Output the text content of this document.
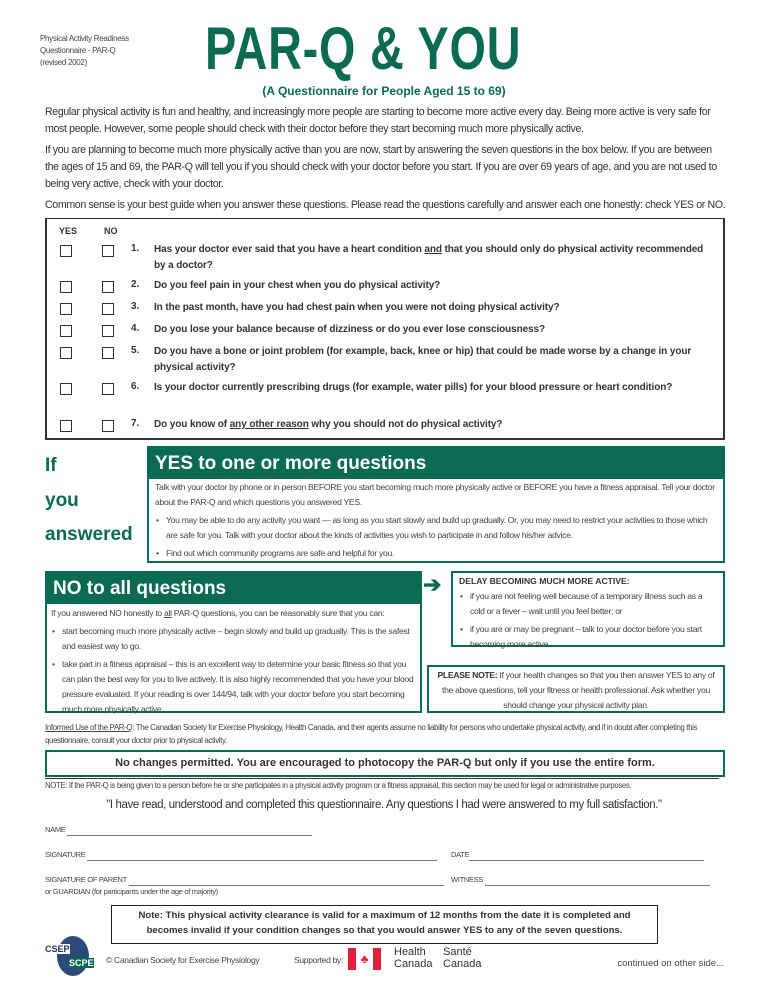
Physical Activity Readiness
Questionnaire - PAR-Q
(revised 2002)	PAR-Q & YOU
(A Questionnaire for People Aged 15 to 69)

Regular physical activity is fun and healthy, and increasingly more people are starting to become more active every day. Being more active is very safe for most people. However, some people should check with their doctor before they start becoming much more physically active.

If you are planning to become much more physically active than you are now, start by answering the seven questions in the box below. If you are between the ages of 15 and 69, the PAR-Q will tell you if you should check with your doctor before you start. If you are over 69 years of age, and you are not used to being very active, check with your doctor.

Common sense is your best guide when you answer these questions. Please read the questions carefully and answer each one honestly: check YES or NO.

YES	NO
1. Has your doctor ever said that you have a heart condition and that you should only do physical activity recommended by a doctor?
2. Do you feel pain in your chest when you do physical activity?
3. In the past month, have you had chest pain when you were not doing physical activity?
4. Do you lose your balance because of dizziness or do you ever lose consciousness?
5. Do you have a bone or joint problem (for example, back, knee or hip) that could be made worse by a change in your physical activity?
6. Is your doctor currently prescribing drugs (for example, water pills) for your blood pressure or heart condition?
7. Do you know of any other reason why you should not do physical activity?
If
you
answered
YES to one or more questions

Talk with your doctor by phone or in person BEFORE you start becoming much more physically active or BEFORE you have a fitness appraisal. Tell your doctor about the PAR-Q and which questions you answered YES.

• You may be able to do any activity you want — as long as you start slowly and build up gradually. Or, you may need to restrict your activities to those which are safe for you. Talk with your doctor about the kinds of activities you wish to participate in and follow his/her advice.
• Find out which community programs are safe and helpful for you.
NO to all questions

If you answered NO honestly to all PAR-Q questions, you can be reasonably sure that you can:

• start becoming much more physically active – begin slowly and build up gradually. This is the safest and easiest way to go.
• take part in a fitness appraisal – this is an excellent way to determine your basic fitness so that you can plan the best way for you to live actively. It is also highly recommended that you have your blood pressure evaluated. If your reading is over 144/94, talk with your doctor before you start becoming much more physically active.
➔ DELAY BECOMING MUCH MORE ACTIVE:
• if you are not feeling well because of a temporary illness such as a cold or a fever – wait until you feel better; or
• if you are or may be pregnant – talk to your doctor before you start becoming more active.
PLEASE NOTE: If your health changes so that you then answer YES to any of the above questions, tell your fitness or health professional. Ask whether you should change your physical activity plan.
Informed Use of the PAR-Q: The Canadian Society for Exercise Physiology, Health Canada, and their agents assume no liability for persons who undertake physical activity, and if in doubt after completing this questionnaire, consult your doctor prior to physical activity.
No changes permitted. You are encouraged to photocopy the PAR-Q but only if you use the entire form.
NOTE: If the PAR-Q is being given to a person before he or she participates in a physical activity program or a fitness appraisal, this section may be used for legal or administrative purposes.
"I have read, understood and completed this questionnaire. Any questions I had were answered to my full satisfaction."
NAME
SIGNATURE	DATE
SIGNATURE OF PARENT
or GUARDIAN (for participants under the age of majority)
WITNESS
Note: This physical activity clearance is valid for a maximum of 12 months from the date it is completed and becomes invalid if your condition changes so that you would answer YES to any of the seven questions.
CSEP
SCPE © Canadian Society for Exercise Physiology	Supported by:	♣	Health
Canada
Santé
Canada	continued on other side...
